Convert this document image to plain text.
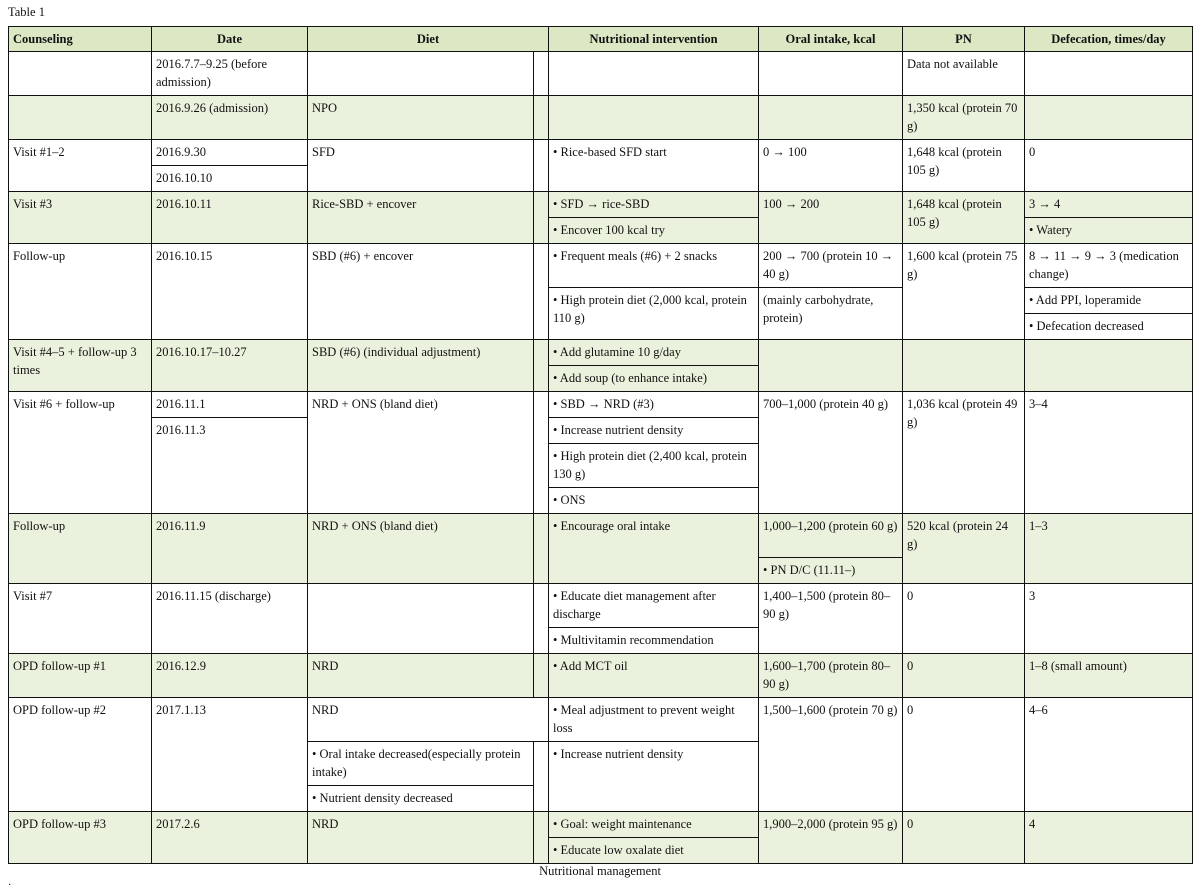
Table 1
Counseling	Date	Diet		Nutritional intervention	Oral intake, kcal	PN	Defecation, times/day
	2016.7.7–9.25 (before admission)					Data not available	
	2016.9.26 (admission)	NPO				1,350 kcal (protein 70 g)	
Visit #1–2	2016.9.30	SFD		• Rice-based SFD start	0 → 100	1,648 kcal (protein 105 g)	0
	2016.10.10						
Visit #3	2016.10.11	Rice-SBD + encover		• SFD → rice-SBD	100 → 200	1,648 kcal (protein 105 g)	3 → 4
				• Encover 100 kcal try			• Watery
Follow-up	2016.10.15	SBD (#6) + encover		• Frequent meals (#6) + 2 snacks	200 → 700 (protein 10 → 40 g)	1,600 kcal (protein 75 g)	8 → 11 → 9 → 3 (medication change)
				• High protein diet (2,000 kcal, protein 110 g)	(mainly carbohydrate, protein)		• Add PPI, loperamide
							• Defecation decreased
Visit #4–5 + follow-up 3 times	2016.10.17–10.27	SBD (#6) (individual adjustment)		• Add glutamine 10 g/day			
				• Add soup (to enhance intake)			
Visit #6 + follow-up	2016.11.1	NRD + ONS (bland diet)		• SBD → NRD (#3)	700–1,000 (protein 40 g)	1,036 kcal (protein 49 g)	3–4
	2016.11.3			• Increase nutrient density			
				• High protein diet (2,400 kcal, protein 130 g)			
				• ONS			
Follow-up	2016.11.9	NRD + ONS (bland diet)		• Encourage oral intake	1,000–1,200 (protein 60 g)	520 kcal (protein 24 g)	1–3
					• PN D/C (11.11–)		
Visit #7	2016.11.15 (discharge)			• Educate diet management after discharge	1,400–1,500 (protein 80–90 g)	0	3
				• Multivitamin recommendation			
OPD follow-up #1	2016.12.9	NRD		• Add MCT oil	1,600–1,700 (protein 80–90 g)	0	1–8 (small amount)
OPD follow-up #2	2017.1.13	NRD		• Meal adjustment to prevent weight loss	1,500–1,600 (protein 70 g)	0	4–6
		• Oral intake decreased(especially protein intake)		• Increase nutrient density			
		• Nutrient density decreased					
OPD follow-up #3	2017.2.6	NRD		• Goal: weight maintenance	1,900–2,000 (protein 95 g)	0	4
				• Educate low oxalate diet			
Nutritional management
·
